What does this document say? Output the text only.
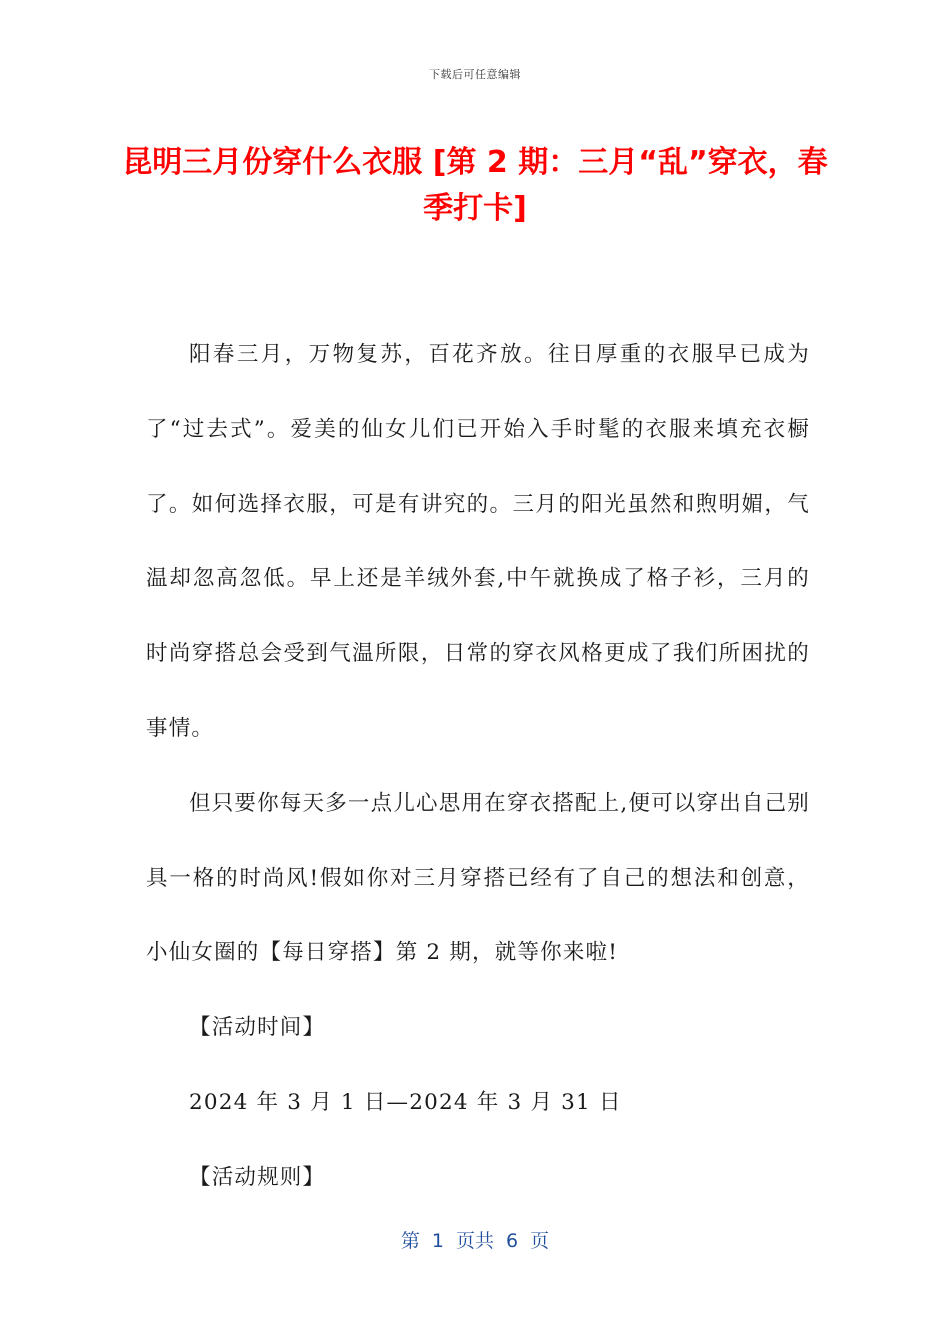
下载后可任意编辑
昆明三月份穿什么衣服 [第 2 期：三月“乱”穿衣，春季打卡]

阳春三月，万物复苏，百花齐放。往日厚重的衣服早已成为了“过去式”。爱美的仙女儿们已开始入手时髦的衣服来填充衣橱了。如何选择衣服，可是有讲究的。三月的阳光虽然和煦明媚，气温却忽高忽低。早上还是羊绒外套,中午就换成了格子衫，三月的时尚穿搭总会受到气温所限，日常的穿衣风格更成了我们所困扰的事情。

但只要你每天多一点儿心思用在穿衣搭配上,便可以穿出自己别具一格的时尚风!假如你对三月穿搭已经有了自己的想法和创意，小仙女圈的【每日穿搭】第 2 期，就等你来啦!

【活动时间】

2024 年 3 月 1 日—2024 年 3 月 31 日

【活动规则】

第 1 页共 6 页
